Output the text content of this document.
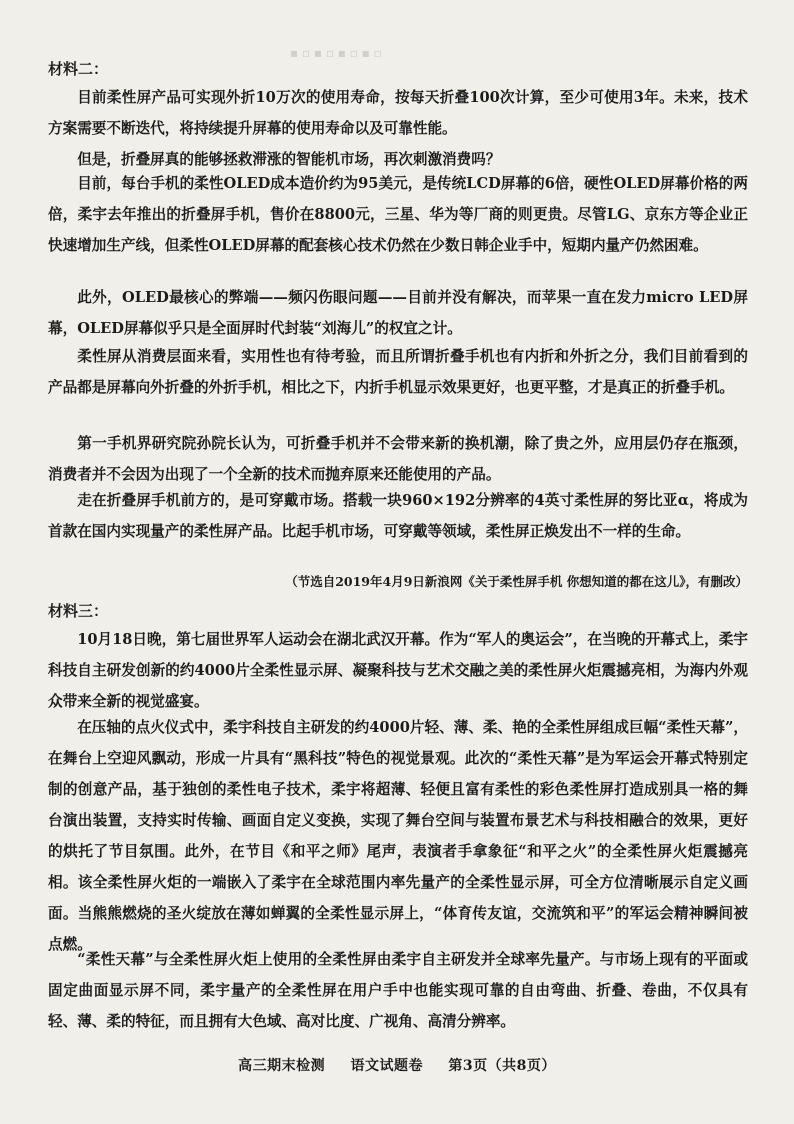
▪ ▫ ▪ ▫ ▪ ▫ ▪ ▫
材料二：
目前柔性屏产品可实现外折10万次的使用寿命，按每天折叠100次计算，至少可使用3年。未来，技术方案需要不断迭代，将持续提升屏幕的使用寿命以及可靠性能。
但是，折叠屏真的能够拯救滞涨的智能机市场，再次刺激消费吗？
目前，每台手机的柔性OLED成本造价约为95美元，是传统LCD屏幕的6倍，硬性OLED屏幕价格的两倍，柔宇去年推出的折叠屏手机，售价在8800元，三星、华为等厂商的则更贵。尽管LG、京东方等企业正快速增加生产线，但柔性OLED屏幕的配套核心技术仍然在少数日韩企业手中，短期内量产仍然困难。
此外，OLED最核心的弊端——频闪伤眼问题——目前并没有解决，而苹果一直在发力micro LED屏幕，OLED屏幕似乎只是全面屏时代封装“刘海儿”的权宜之计。
柔性屏从消费层面来看，实用性也有待考验，而且所谓折叠手机也有内折和外折之分，我们目前看到的产品都是屏幕向外折叠的外折手机，相比之下，内折手机显示效果更好，也更平整，才是真正的折叠手机。
第一手机界研究院孙院长认为，可折叠手机并不会带来新的换机潮，除了贵之外，应用层仍存在瓶颈，消费者并不会因为出现了一个全新的技术而抛弃原来还能使用的产品。
走在折叠屏手机前方的，是可穿戴市场。搭载一块960×192分辨率的4英寸柔性屏的努比亚α，将成为首款在国内实现量产的柔性屏产品。比起手机市场，可穿戴等领域，柔性屏正焕发出不一样的生命。
（节选自2019年4月9日新浪网《关于柔性屏手机 你想知道的都在这儿》，有删改）
材料三：
10月18日晚，第七届世界军人运动会在湖北武汉开幕。作为“军人的奥运会”，在当晚的开幕式上，柔宇科技自主研发创新的约4000片全柔性显示屏、凝聚科技与艺术交融之美的柔性屏火炬震撼亮相，为海内外观众带来全新的视觉盛宴。
在压轴的点火仪式中，柔宇科技自主研发的约4000片轻、薄、柔、艳的全柔性屏组成巨幅“柔性天幕”，在舞台上空迎风飘动，形成一片具有“黑科技”特色的视觉景观。此次的“柔性天幕”是为军运会开幕式特别定制的创意产品，基于独创的柔性电子技术，柔宇将超薄、轻便且富有柔性的彩色柔性屏打造成别具一格的舞台演出装置，支持实时传输、画面自定义变换，实现了舞台空间与装置布景艺术与科技相融合的效果，更好的烘托了节目氛围。此外，在节目《和平之师》尾声，表演者手拿象征“和平之火”的全柔性屏火炬震撼亮相。该全柔性屏火炬的一端嵌入了柔宇在全球范围内率先量产的全柔性显示屏，可全方位清晰展示自定义画面。当熊熊燃烧的圣火绽放在薄如蝉翼的全柔性显示屏上，“体育传友谊，交流筑和平”的军运会精神瞬间被点燃。
“柔性天幕”与全柔性屏火炬上使用的全柔性屏由柔宇自主研发并全球率先量产。与市场上现有的平面或固定曲面显示屏不同，柔宇量产的全柔性屏在用户手中也能实现可靠的自由弯曲、折叠、卷曲，不仅具有轻、薄、柔的特征，而且拥有大色域、高对比度、广视角、高清分辨率。
高三期末检测 语文试题卷 第3页（共8页）
